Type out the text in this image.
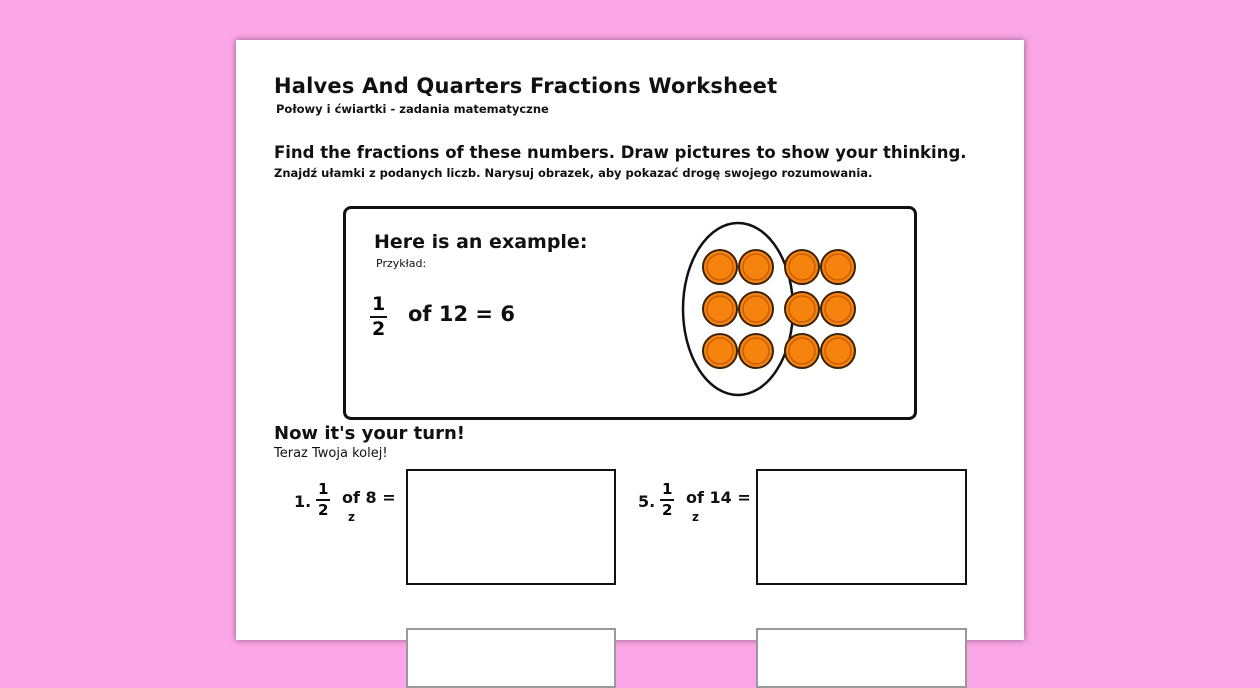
Halves And Quarters Fractions Worksheet
Połowy i ćwiartki - zadania matematyczne
Find the fractions of these numbers. Draw pictures to show your thinking.
Znajdź ułamki z podanych liczb. Narysuj obrazek, aby pokazać drogę swojego rozumowania.
Here is an example:
Przykład:
1
2
of 12 = 6
Now it's your turn!
Teraz Twoja kolej!
1.
1
2
of 8 =
z
5.
1
2
of 14 =
z
